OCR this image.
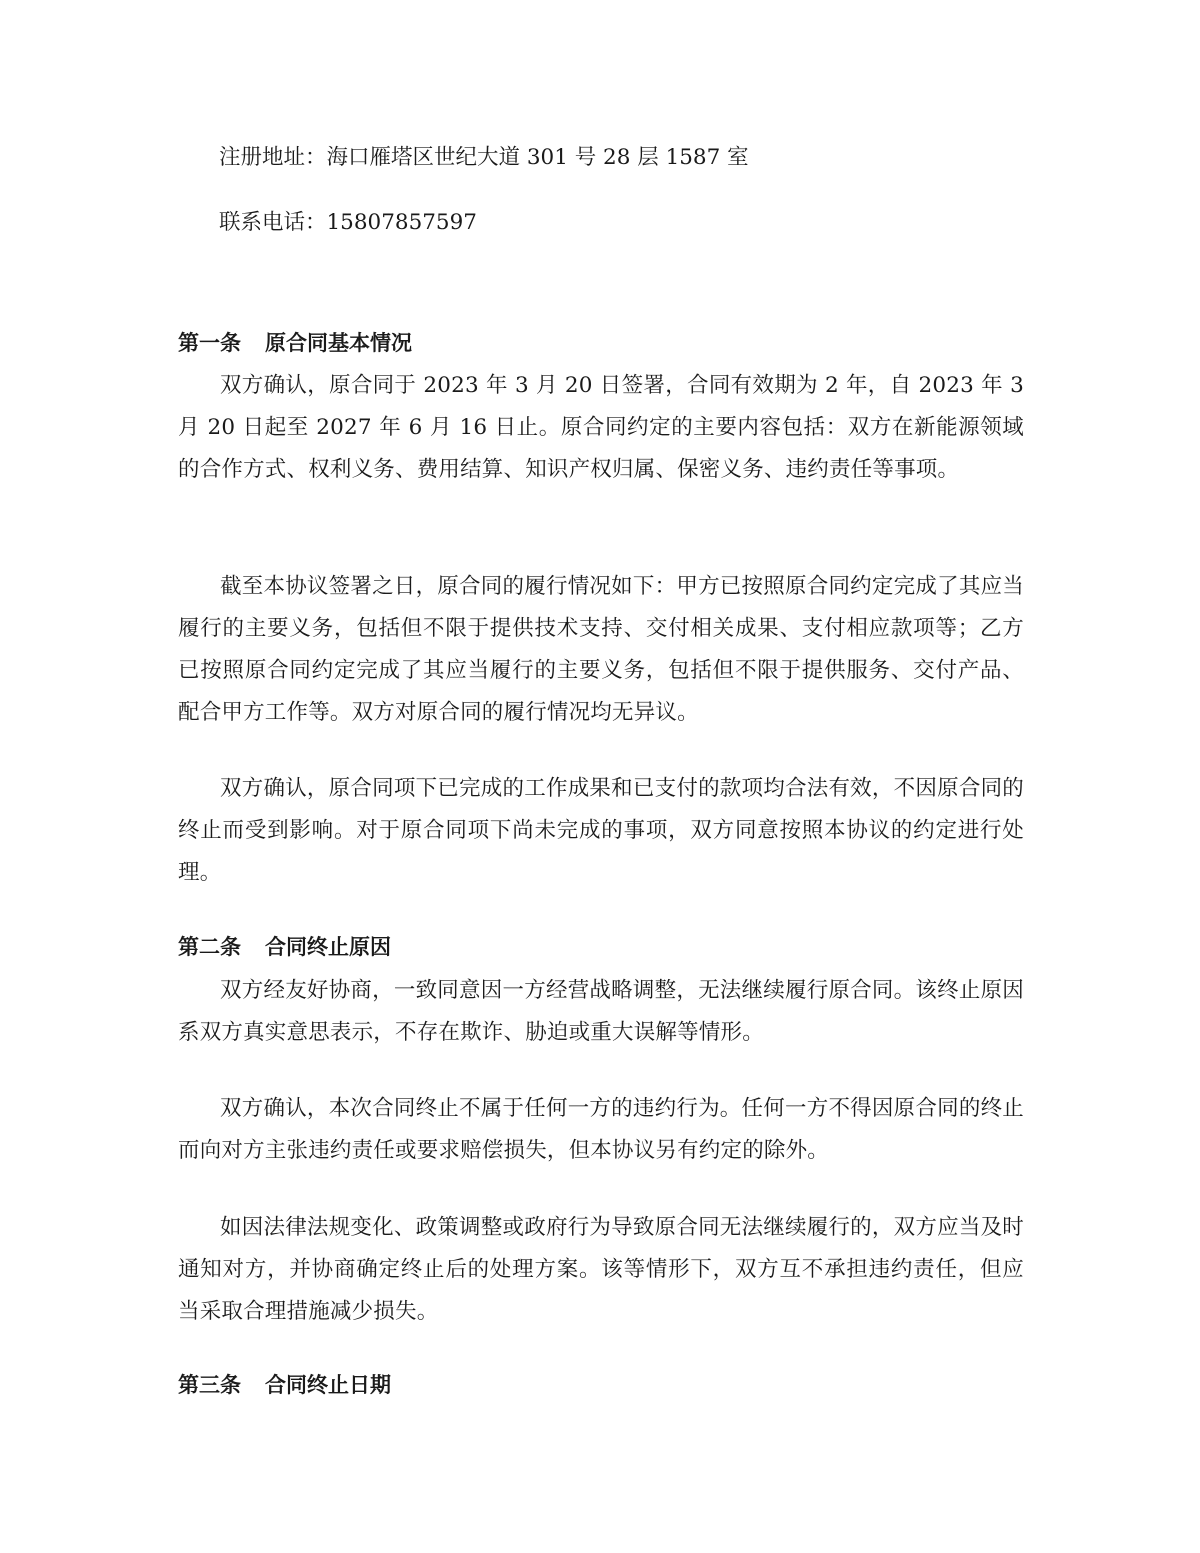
注册地址：海口雁塔区世纪大道 301 号 28 层 1587 室
联系电话：15807857597
第一条 原合同基本情况

双方确认，原合同于 2023 年 3 月 20 日签署，合同有效期为 2 年，自 2023 年 3 月 20 日起至 2027 年 6 月 16 日止。原合同约定的主要内容包括：双方在新能源领域的合作方式、权利义务、费用结算、知识产权归属、保密义务、违约责任等事项。

截至本协议签署之日，原合同的履行情况如下：甲方已按照原合同约定完成了其应当履行的主要义务，包括但不限于提供技术支持、交付相关成果、支付相应款项等；乙方已按照原合同约定完成了其应当履行的主要义务，包括但不限于提供服务、交付产品、配合甲方工作等。双方对原合同的履行情况均无异议。

双方确认，原合同项下已完成的工作成果和已支付的款项均合法有效，不因原合同的终止而受到影响。对于原合同项下尚未完成的事项，双方同意按照本协议的约定进行处理。

第二条 合同终止原因

双方经友好协商，一致同意因一方经营战略调整，无法继续履行原合同。该终止原因系双方真实意思表示，不存在欺诈、胁迫或重大误解等情形。

双方确认，本次合同终止不属于任何一方的违约行为。任何一方不得因原合同的终止而向对方主张违约责任或要求赔偿损失，但本协议另有约定的除外。

如因法律法规变化、政策调整或政府行为导致原合同无法继续履行的，双方应当及时通知对方，并协商确定终止后的处理方案。该等情形下，双方互不承担违约责任，但应当采取合理措施减少损失。

第三条 合同终止日期
